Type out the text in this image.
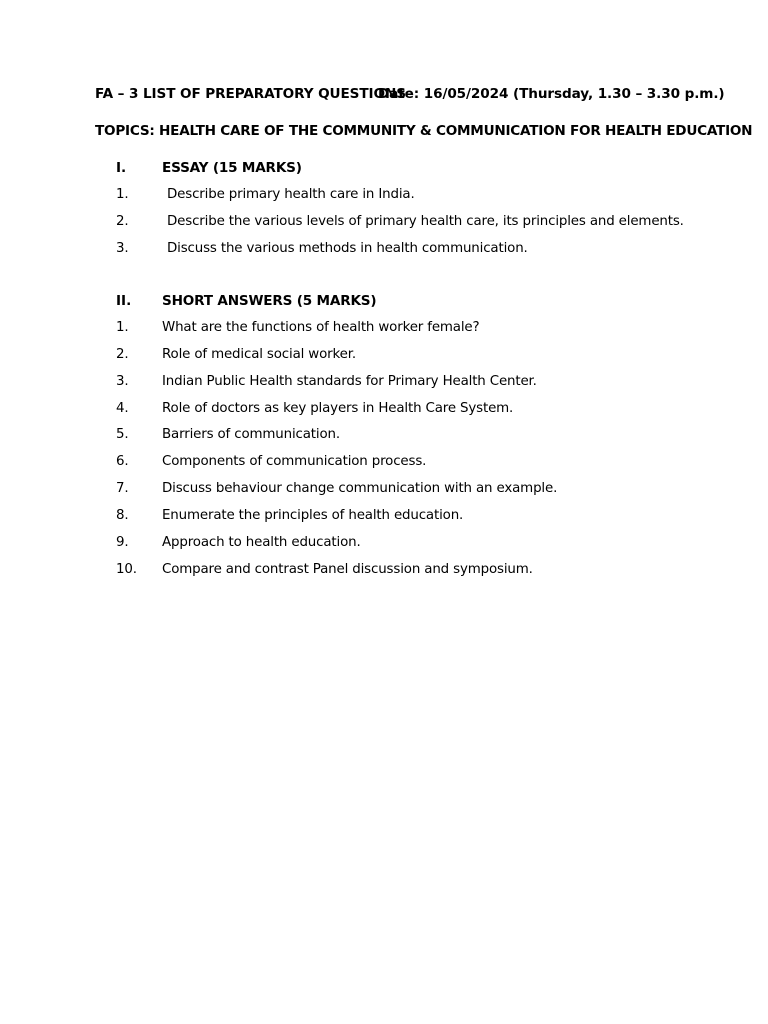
FA – 3 LIST OF PREPARATORY QUESTIONS
Date: 16/05/2024 (Thursday, 1.30 – 3.30 p.m.)
TOPICS: HEALTH CARE OF THE COMMUNITY & COMMUNICATION FOR HEALTH EDUCATION
I.	ESSAY (15 MARKS)
1.	Describe primary health care in India.
2.	Describe the various levels of primary health care, its principles and elements.
3.	Discuss the various methods in health communication.
II. SHORT ANSWERS (5 MARKS)
1.	What are the functions of health worker female?
2.	Role of medical social worker.
3.	Indian Public Health standards for Primary Health Center.
4.	Role of doctors as key players in Health Care System.
5.	Barriers of communication.
6.	Components of communication process.
7.	Discuss behaviour change communication with an example.
8.	Enumerate the principles of health education.
9.	Approach to health education.
10. Compare and contrast Panel discussion and symposium.
